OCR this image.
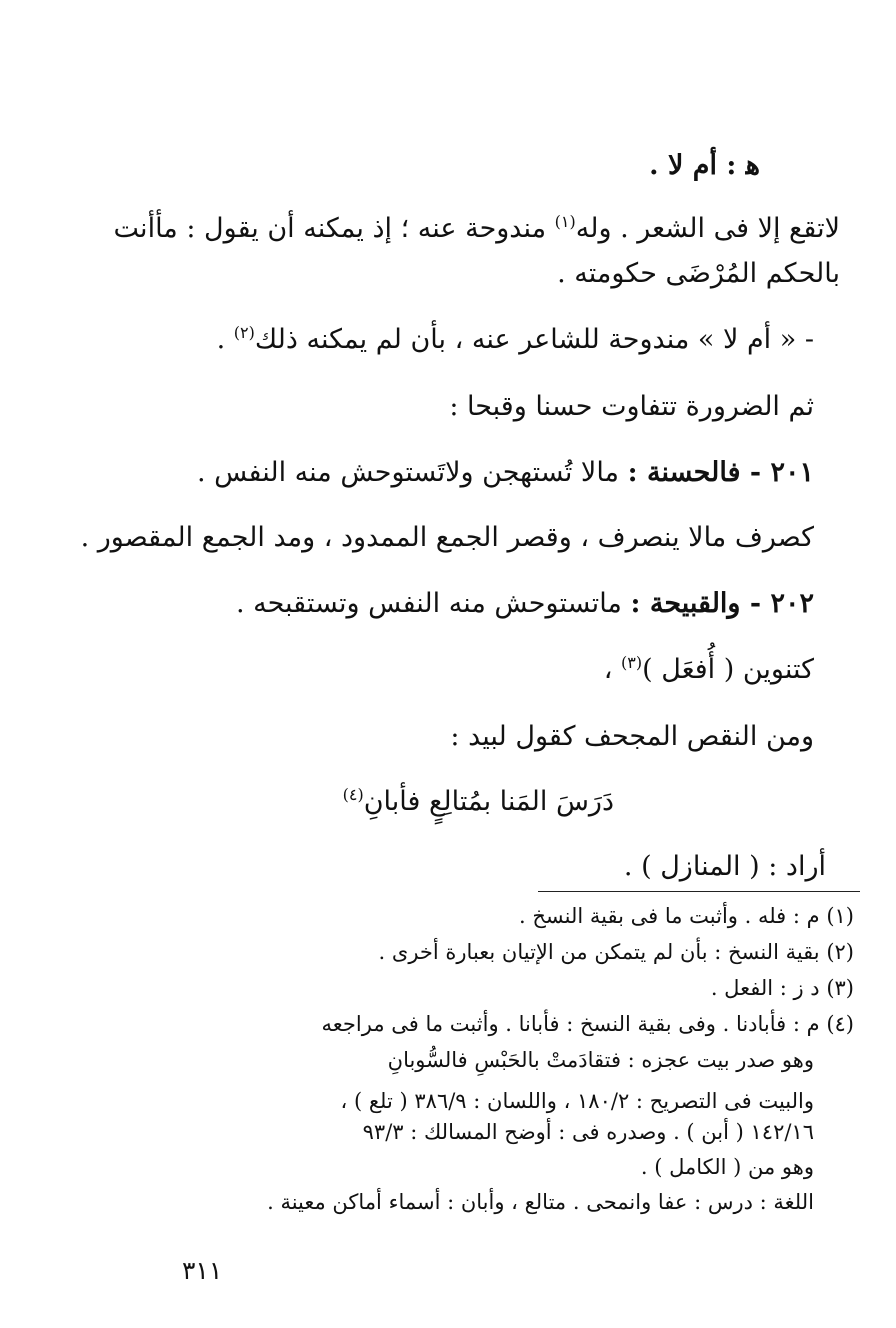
ﻫ : أم لا .
لاتقع إلا فى الشعر . وله$^{(١)}$ مندوحة عنه ؛ إذ يمكنه أن يقول : مأأنت
بالحكم المُرْضَى حكومته .
- « أم لا » مندوحة للشاعر عنه ، بأن لم يمكنه ذلك$^{(٢)}$ .
ثم الضرورة تتفاوت حسنا وقبحا :
٢٠١ - فالحسنة : مالا تُستهجن ولاتَستوحش منه النفس .
كصرف مالا ينصرف ، وقصر الجمع الممدود ، ومد الجمع المقصور .
٢٠٢ - والقبيحة : ماتستوحش منه النفس وتستقبحه .
كتنوين ( أُفعَل )$^{(٣)}$ ،
ومن النقص المجحف كقول لبيد :
دَرَسَ المَنا بمُتالِعٍ فأبانِ$^{(٤)}$
أراد : ( المنازل ) .
(١) م : فله . وأثبت ما فى بقية النسخ .
(٢) بقية النسخ : بأن لم يتمكن من الإتيان بعبارة أخرى .
(٣) د ز : الفعل .
(٤) م : فأبادنا . وفى بقية النسخ : فأبانا . وأثبت ما فى مراجعه
وهو صدر بيت عجزه : فتقادَمتْ بالحَبْسِ فالسُّوبانِ
والبيت فى التصريح : ١٨٠/٢ ، واللسان : ٣٨٦/٩ ( تلع ) ،
١٤٢/١٦ ( أبن ) . وصدره فى : أوضح المسالك : ٩٣/٣
وهو من ( الكامل ) .
اللغة : درس : عفا وانمحى . متالع ، وأبان : أسماء أماكن معينة .
٣١١
